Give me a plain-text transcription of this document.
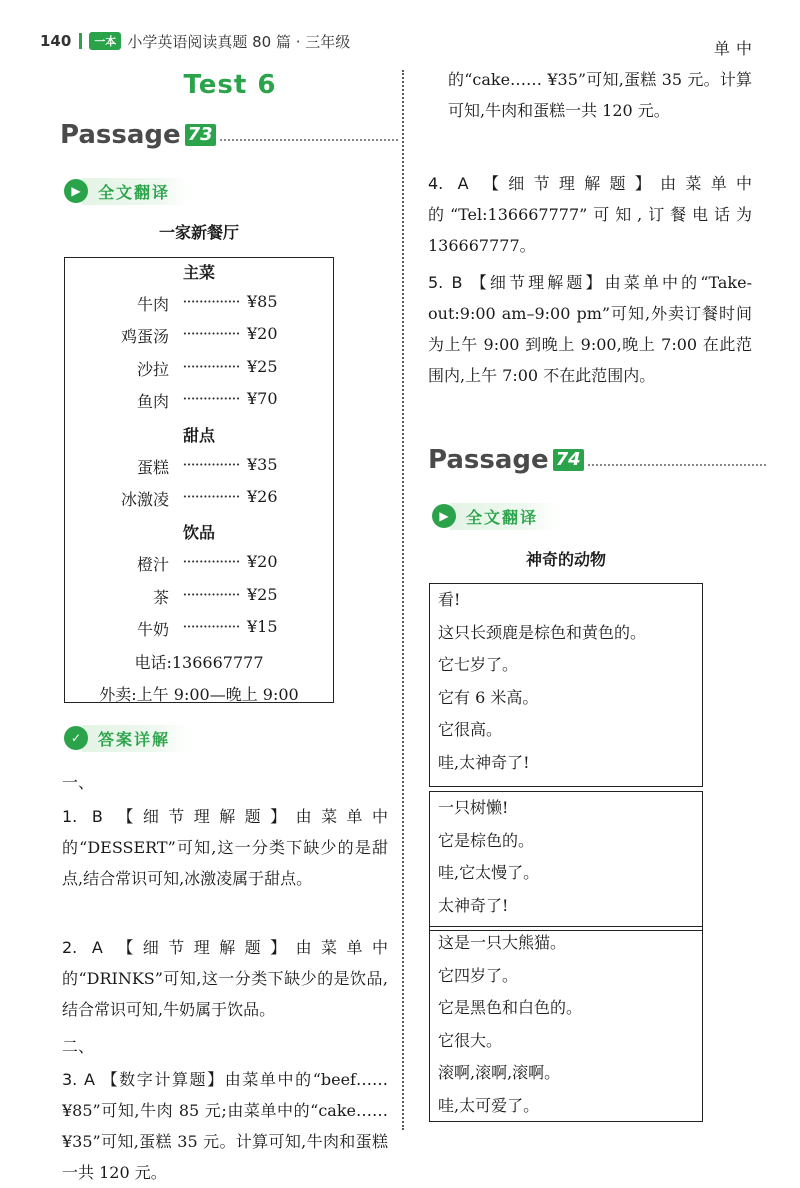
140	一本 小学英语阅读真题 80 篇 · 三年级
Test 6
Passage 73
▶	全文翻译
一家新餐厅
主菜
牛肉 ·············· ¥85
鸡蛋汤 ·············· ¥20
沙拉 ·············· ¥25
鱼肉 ·············· ¥70
甜点
蛋糕 ·············· ¥35
冰激凌 ·············· ¥26
饮品
橙汁 ·············· ¥20
茶 ·············· ¥25
牛奶 ·············· ¥15
电话:136667777
外卖:上午 9:00—晚上 9:00
✓	答案详解
一、
1. B 【细节理解题】由菜单中的“DESSERT”可知,这一分类下缺少的是甜点,结合常识可知,冰激凌属于甜点。
2. A 【细节理解题】由菜单中的“DRINKS”可知,这一分类下缺少的是饮品,结合常识可知,牛奶属于饮品。
二、
3. A 【数字计算题】由菜单中的“beef…… ¥85”可知,牛肉 85 元;由菜单中的“cake…… ¥35”可知,蛋糕 35 元。计算可知,牛肉和蛋糕一共 120 元。
单中的“cake…… ¥35”可知,蛋糕 35 元。计算可知,牛肉和蛋糕一共 120 元。
4. A 【细节理解题】由菜单中的“Tel:136667777”可知,订餐电话为 136667777。
5. B 【细节理解题】由菜单中的“Take-out:9:00 am–9:00 pm”可知,外卖订餐时间为上午 9:00 到晚上 9:00,晚上 7:00 在此范围内,上午 7:00 不在此范围内。
Passage 74
▶	全文翻译
神奇的动物
看!
这只长颈鹿是棕色和黄色的。
它七岁了。
它有 6 米高。
它很高。
哇,太神奇了!
一只树懒!
它是棕色的。
哇,它太慢了。
太神奇了!
这是一只大熊猫。
它四岁了。
它是黑色和白色的。
它很大。
滚啊,滚啊,滚啊。
哇,太可爱了。
